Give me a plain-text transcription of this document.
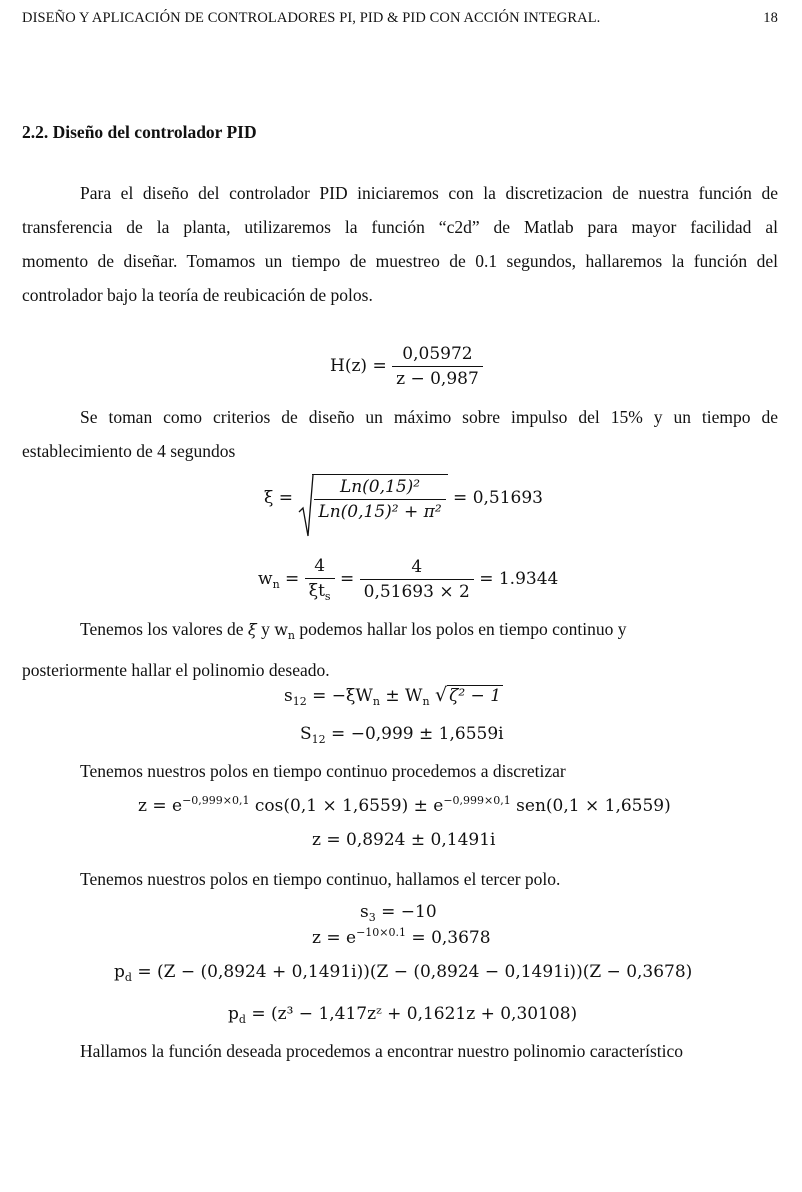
DISEÑO Y APLICACIÓN DE CONTROLADORES PI, PID & PID CON ACCIÓN INTEGRAL.	18
2.2. Diseño del controlador PID
Para el diseño del controlador PID iniciaremos con la discretizacion de nuestra función de
transferencia de la planta, utilizaremos la función “c2d” de Matlab para mayor facilidad al
momento de diseñar. Tomamos un tiempo de muestreo de 0.1 segundos, hallaremos la función del
controlador bajo la teoría de reubicación de polos.
$H(z) = \frac{0,05972}{z - 0,987}$
Se toman como criterios de diseño un máximo sobre impulso del 15% y un tiempo de
establecimiento de 4 segundos
$\xi = \frac{\text{Ln(0,15)²}}{\text{Ln(0,15)² + π²}} = 0,51693$
$w_n = \frac{4}{\xi t_s} = \frac{4}{0,51693 \times 2} = 1.9344$
Tenemos los valores de ξ y $w_n$ podemos hallar los polos en tiempo continuo y
posteriormente hallar el polinomio deseado.
$s_{12} = -\xi W_n \pm W_n$ √ ζ² − 1
$S_{12} = -0,999 \pm 1,6559i$
Tenemos nuestros polos en tiempo continuo procedemos a discretizar
$z = e^{-0,999\times 0,1}$ $\cos(0,1 \times 1,6559) \pm e^{-0,999\times 0,1}$ sen(0,1 × 1,6559)
z = 0,8924 ± 0,1491i
Tenemos nuestros polos en tiempo continuo, hallamos el tercer polo.
$s_3 = -10$
$z = e^{-10\times 0.1} = 0,3678$
$p_d = (Z - (0,8924 + 0,1491i))(Z - (0,8924 - 0,1491i))(Z - 0,3678)$
$p_d = (z^3$ − 1,417zᶻ + 0,1621z + 0,30108)
Hallamos la función deseada procedemos a encontrar nuestro polinomio característico
